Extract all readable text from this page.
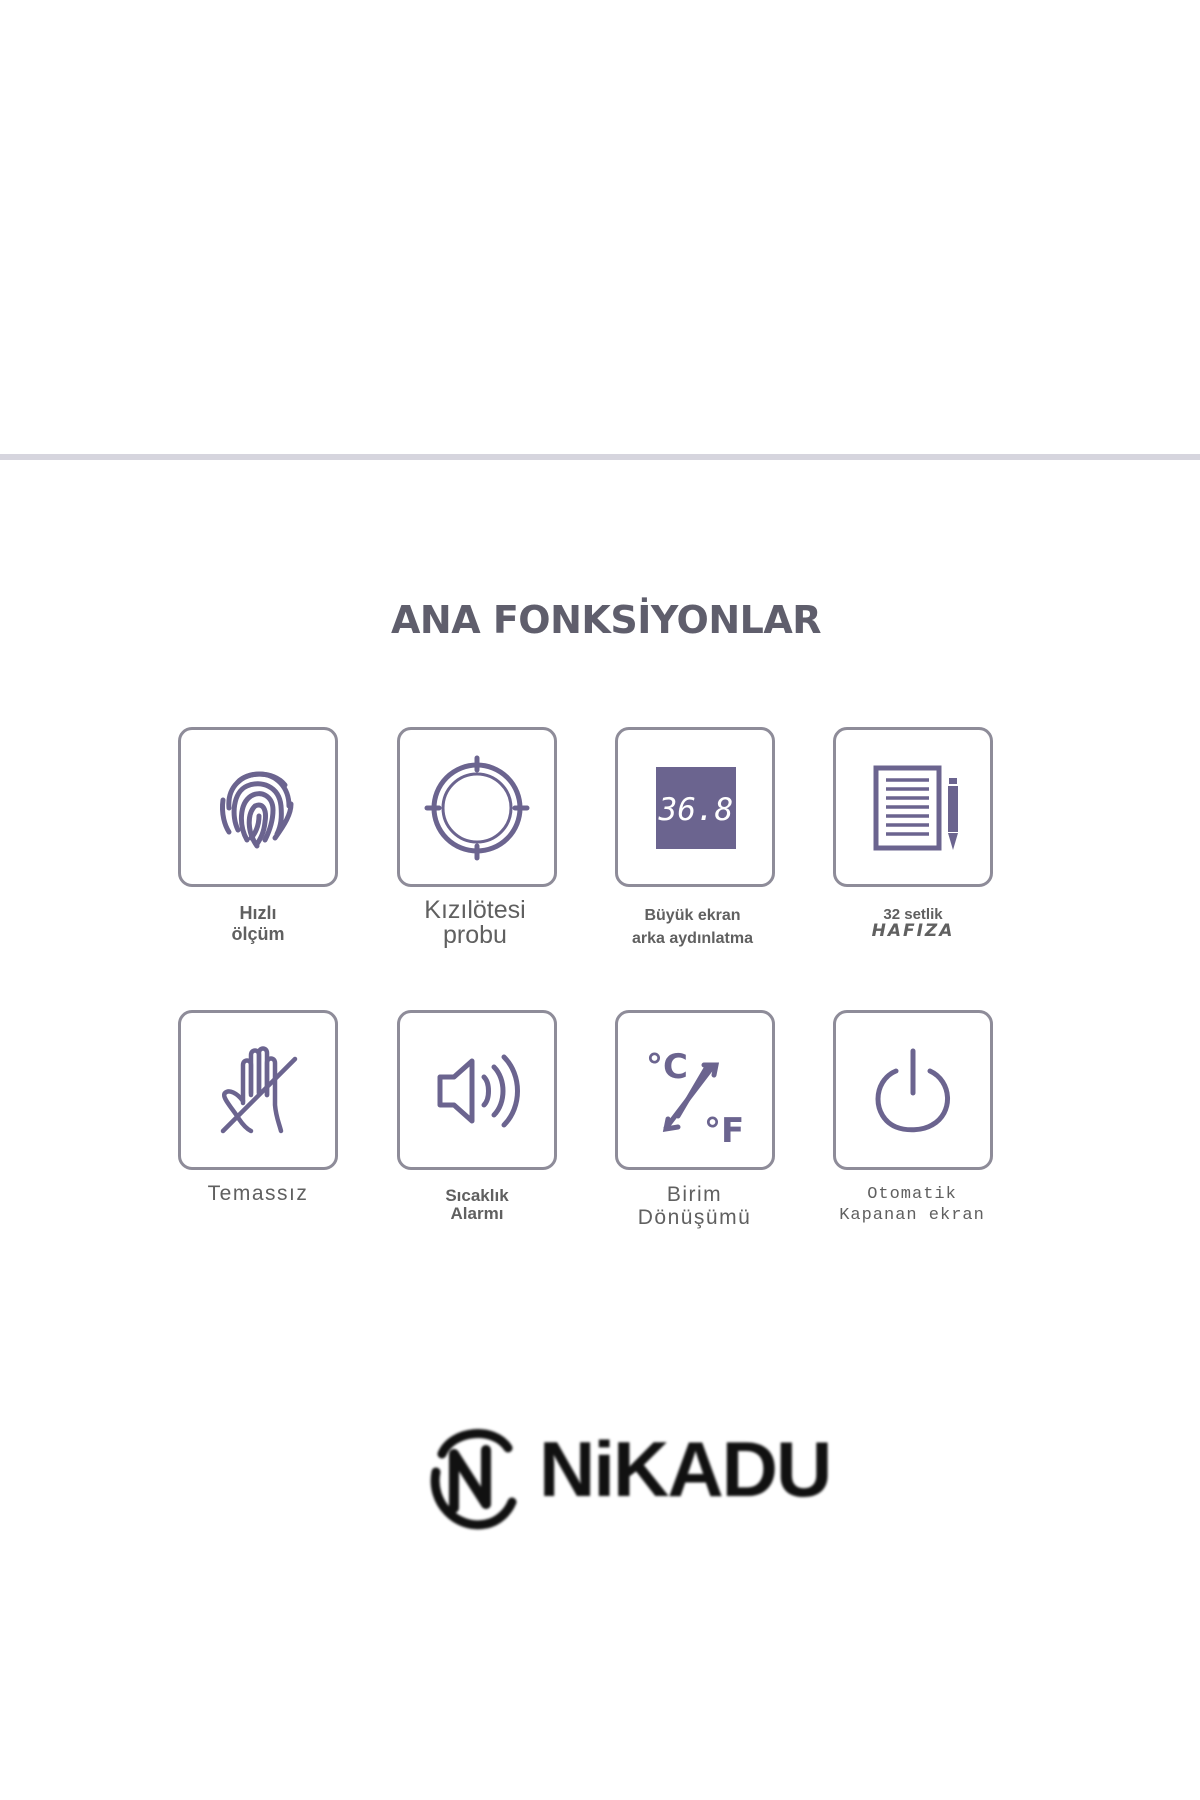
ANA FONKSİYONLAR
Hızlı
ölçüm
Kızılötesi
probu
36.8
Büyük ekran
arka aydınlatma
32 setlik
HAFIZA
Temassız	Sıcaklık
Alarmı
°C
°F
Birim
Dönüşümü
Otomatik
Kapanan ekran
NiKADU
